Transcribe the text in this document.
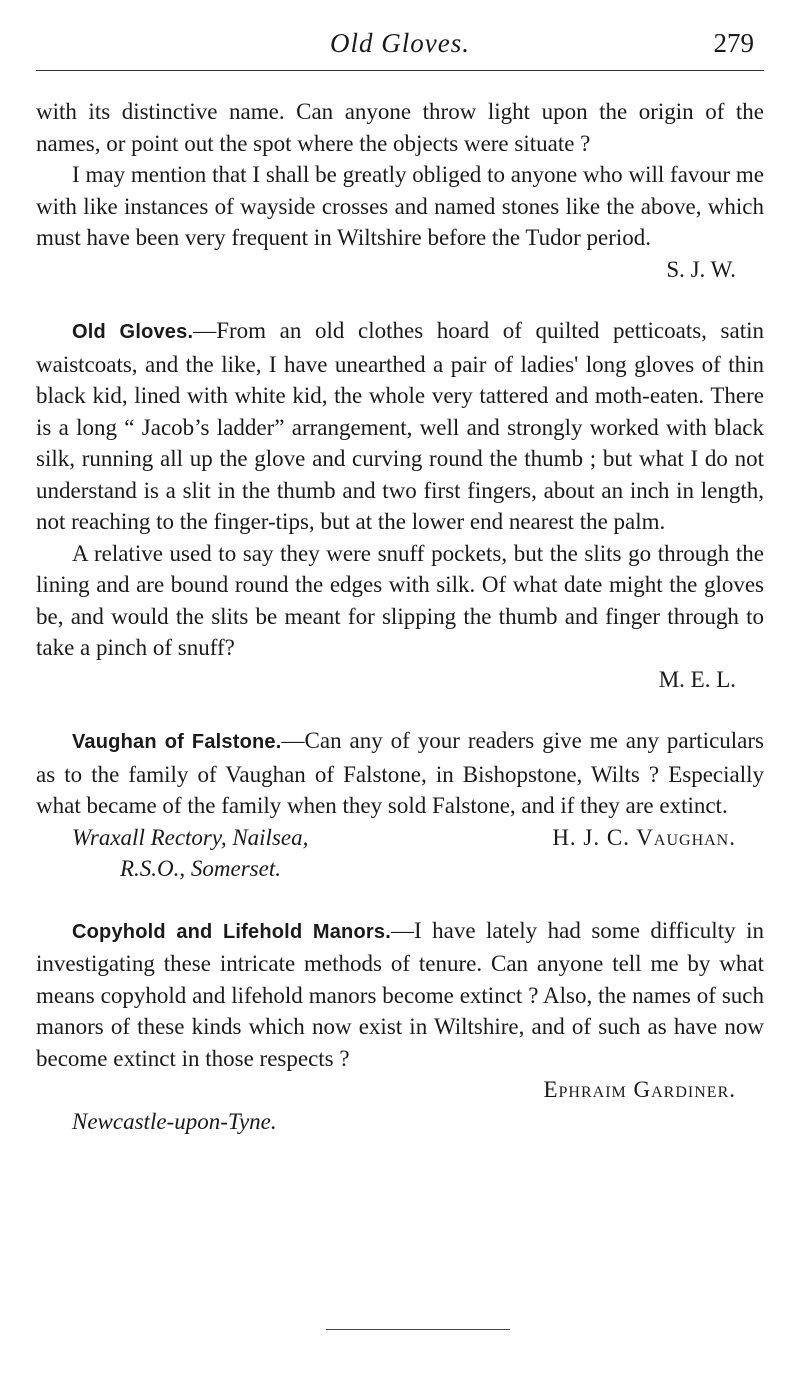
Old Gloves.	279

with its distinctive name. Can anyone throw light upon the origin of the names, or point out the spot where the objects were situate ?

I may mention that I shall be greatly obliged to anyone who will favour me with like instances of wayside crosses and named stones like the above, which must have been very frequent in Wiltshire before the Tudor period.

S. J. W.

Old Gloves.—From an old clothes hoard of quilted petticoats, satin waistcoats, and the like, I have unearthed a pair of ladies' long gloves of thin black kid, lined with white kid, the whole very tattered and moth-eaten. There is a long “ Jacob’s ladder” arrangement, well and strongly worked with black silk, running all up the glove and curving round the thumb ; but what I do not understand is a slit in the thumb and two first fingers, about an inch in length, not reaching to the finger-tips, but at the lower end nearest the palm.

A relative used to say they were snuff pockets, but the slits go through the lining and are bound round the edges with silk. Of what date might the gloves be, and would the slits be meant for slipping the thumb and finger through to take a pinch of snuff?

M. E. L.

Vaughan of Falstone.—Can any of your readers give me any particulars as to the family of Vaughan of Falstone, in Bishopstone, Wilts ? Especially what became of the family when they sold Falstone, and if they are extinct.

Wraxall Rectory, Nailsea,	H. J. C. Vaughan.
R.S.O., Somerset.

Copyhold and Lifehold Manors.—I have lately had some difficulty in investigating these intricate methods of tenure. Can anyone tell me by what means copyhold and lifehold manors become extinct ? Also, the names of such manors of these kinds which now exist in Wiltshire, and of such as have now become extinct in those respects ?

Ephraim Gardiner.
Newcastle-upon-Tyne.
